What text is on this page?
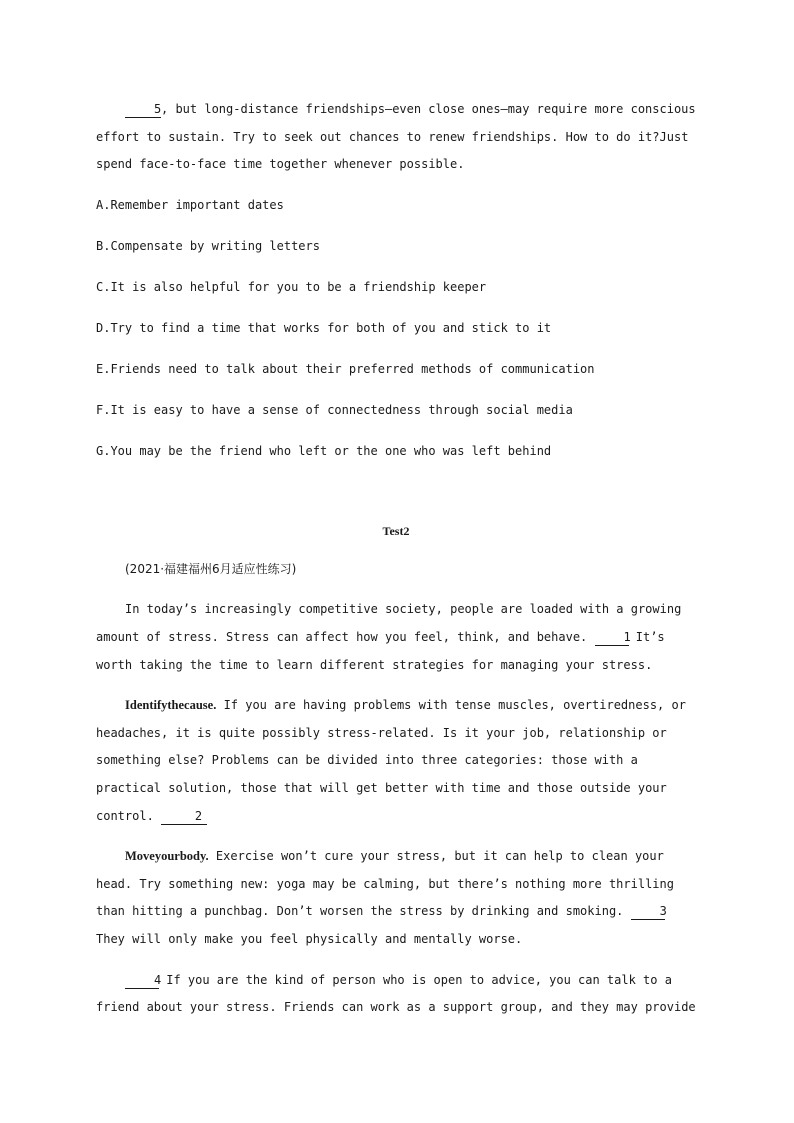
5, but long-distance friendships—even close ones—may require more conscious effort to sustain. Try to seek out chances to renew friendships. How to do it?Just spend face-to-face time together whenever possible.

A.Remember important dates

B.Compensate by writing letters

C.It is also helpful for you to be a friendship keeper

D.Try to find a time that works for both of you and stick to it

E.Friends need to talk about their preferred methods of communication

F.It is easy to have a sense of connectedness through social media

G.You may be the friend who left or the one who was left behind

Test2

(2021·福建福州6月适应性练习)

In today’s increasingly competitive society, people are loaded with a growing amount of stress. Stress can affect how you feel, think, and behave.	1 It’s worth taking the time to learn different strategies for managing your stress.

Identifythecause. If you are having problems with tense muscles, overtiredness, or headaches, it is quite possibly stress-related. Is it your job, relationship or something else? Problems can be divided into three categories: those with a practical solution, those that will get better with time and those outside your control.	2

Moveyourbody. Exercise won’t cure your stress, but it can help to clean your head. Try something new: yoga may be calming, but there’s nothing more thrilling than hitting a punchbag. Don’t worsen the stress by drinking and smoking.	3 They will only make you feel physically and mentally worse.

4 If you are the kind of person who is open to advice, you can talk to a friend about your stress. Friends can work as a support group, and they may provide
